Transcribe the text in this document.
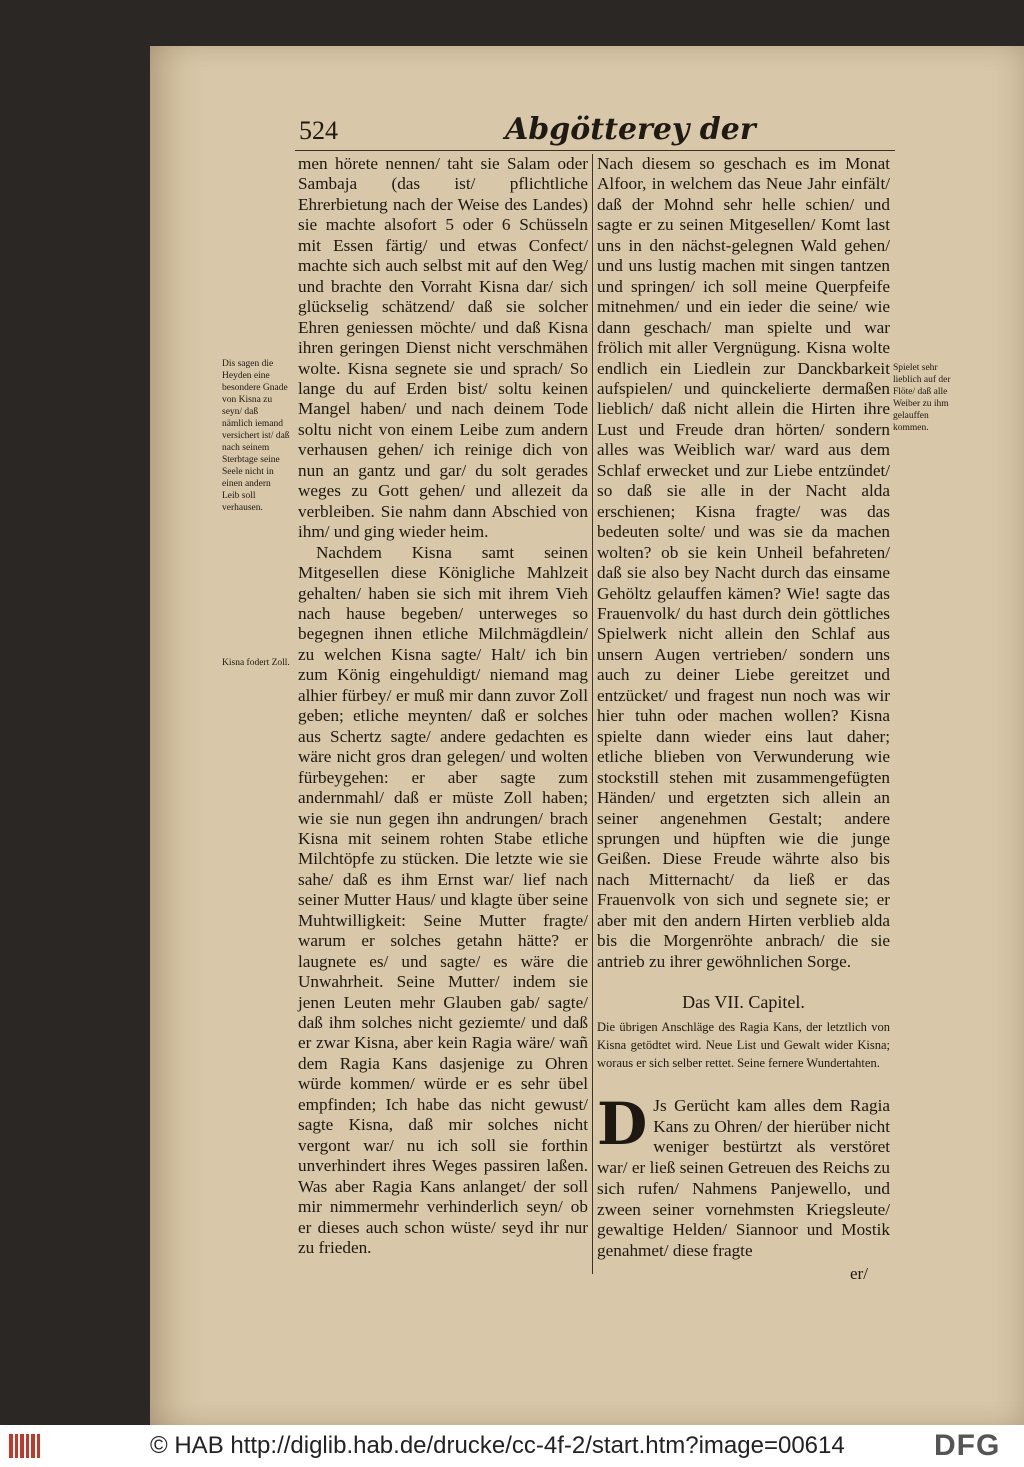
524	Abgötterey der
Dis sagen die Heyden eine besondere Gnade von Kisna zu seyn/ daß nämlich iemand versichert ist/ daß nach seinem Sterbtage seine Seele nicht in einen andern Leib soll verhausen.
Kisna fodert Zoll.
Spielet sehr lieblich auf der Flöte/ daß alle Weiber zu ihm gelauffen kommen.

men hörete nennen/ taht sie Salam oder Sambaja (das ist/ pflichtliche Ehrerbietung nach der Weise des Landes) sie machte alsofort 5 oder 6 Schüsseln mit Essen färtig/ und etwas Confect/ machte sich auch selbst mit auf den Weg/ und brachte den Vorraht Kisna dar/ sich glückselig schätzend/ daß sie solcher Ehren geniessen möchte/ und daß Kisna ihren geringen Dienst nicht verschmähen wolte. Kisna segnete sie und sprach/ So lange du auf Erden bist/ soltu keinen Mangel haben/ und nach deinem Tode soltu nicht von einem Leibe zum andern verhausen gehen/ ich reinige dich von nun an gantz und gar/ du solt gerades weges zu Gott gehen/ und allezeit da verbleiben. Sie nahm dann Abschied von ihm/ und ging wieder heim.

Nachdem Kisna samt seinen Mitgesellen diese Königliche Mahlzeit gehalten/ haben sie sich mit ihrem Vieh nach hause begeben/ unterweges so begegnen ihnen etliche Milchmägdlein/ zu welchen Kisna sagte/ Halt/ ich bin zum König eingehuldigt/ niemand mag alhier fürbey/ er muß mir dann zuvor Zoll geben; etliche meynten/ daß er solches aus Schertz sagte/ andere gedachten es wäre nicht gros dran gelegen/ und wolten fürbeygehen: er aber sagte zum andernmahl/ daß er müste Zoll haben; wie sie nun gegen ihn andrungen/ brach Kisna mit seinem rohten Stabe etliche Milchtöpfe zu stücken. Die letzte wie sie sahe/ daß es ihm Ernst war/ lief nach seiner Mutter Haus/ und klagte über seine Muhtwilligkeit: Seine Mutter fragte/ warum er solches getahn hätte? er laugnete es/ und sagte/ es wäre die Unwahrheit. Seine Mutter/ indem sie jenen Leuten mehr Glauben gab/ sagte/ daß ihm solches nicht geziemte/ und daß er zwar Kisna, aber kein Ragia wäre/ wañ dem Ragia Kans dasjenige zu Ohren würde kommen/ würde er es sehr übel empfinden; Ich habe das nicht gewust/ sagte Kisna, daß mir solches nicht vergont war/ nu ich soll sie forthin unverhindert ihres Weges passiren laßen. Was aber Ragia Kans anlanget/ der soll mir nimmermehr verhinderlich seyn/ ob er dieses auch schon wüste/ seyd ihr nur zu frieden.

Nach diesem so geschach es im Monat Alfoor, in welchem das Neue Jahr einfält/ daß der Mohnd sehr helle schien/ und sagte er zu seinen Mitgesellen/ Komt last uns in den nächst-gelegnen Wald gehen/ und uns lustig machen mit singen tantzen und springen/ ich soll meine Querpfeife mitnehmen/ und ein ieder die seine/ wie dann geschach/ man spielte und war frölich mit aller Vergnügung. Kisna wolte endlich ein Liedlein zur Danckbarkeit aufspielen/ und quinckelierte dermaßen lieblich/ daß nicht allein die Hirten ihre Lust und Freude dran hörten/ sondern alles was Weiblich war/ ward aus dem Schlaf erwecket und zur Liebe entzündet/ so daß sie alle in der Nacht alda erschienen; Kisna fragte/ was das bedeuten solte/ und was sie da machen wolten? ob sie kein Unheil befahreten/ daß sie also bey Nacht durch das einsame Gehöltz gelauffen kämen? Wie! sagte das Frauenvolk/ du hast durch dein göttliches Spielwerk nicht allein den Schlaf aus unsern Augen vertrieben/ sondern uns auch zu deiner Liebe gereitzet und entzücket/ und fragest nun noch was wir hier tuhn oder machen wollen? Kisna spielte dann wieder eins laut daher; etliche blieben von Verwunderung wie stockstill stehen mit zusammengefügten Händen/ und ergetzten sich allein an seiner angenehmen Gestalt; andere sprungen und hüpften wie die junge Geißen. Diese Freude währte also bis nach Mitternacht/ da ließ er das Frauenvolk von sich und segnete sie; er aber mit den andern Hirten verblieb alda bis die Morgenröhte anbrach/ die sie antrieb zu ihrer gewöhnlichen Sorge.

Das VII. Capitel.
Die übrigen Anschläge des Ragia Kans, der letztlich von Kisna getödtet wird. Neue List und Gewalt wider Kisna; woraus er sich selber rettet. Seine fernere Wundertahten.
D Js Gerücht kam alles dem Ragia Kans zu Ohren/ der hierüber nicht weniger bestürtzt als verstöret war/ er ließ seinen Getreuen des Reichs zu sich rufen/ Nahmens Panjewello, und zween seiner vornehmsten Kriegsleute/ gewaltige Helden/ Siannoor und Mostik genahmet/ diese fragte
er/
© HAB http://diglib.hab.de/drucke/cc-4f-2/start.htm?image=00614	DFG
